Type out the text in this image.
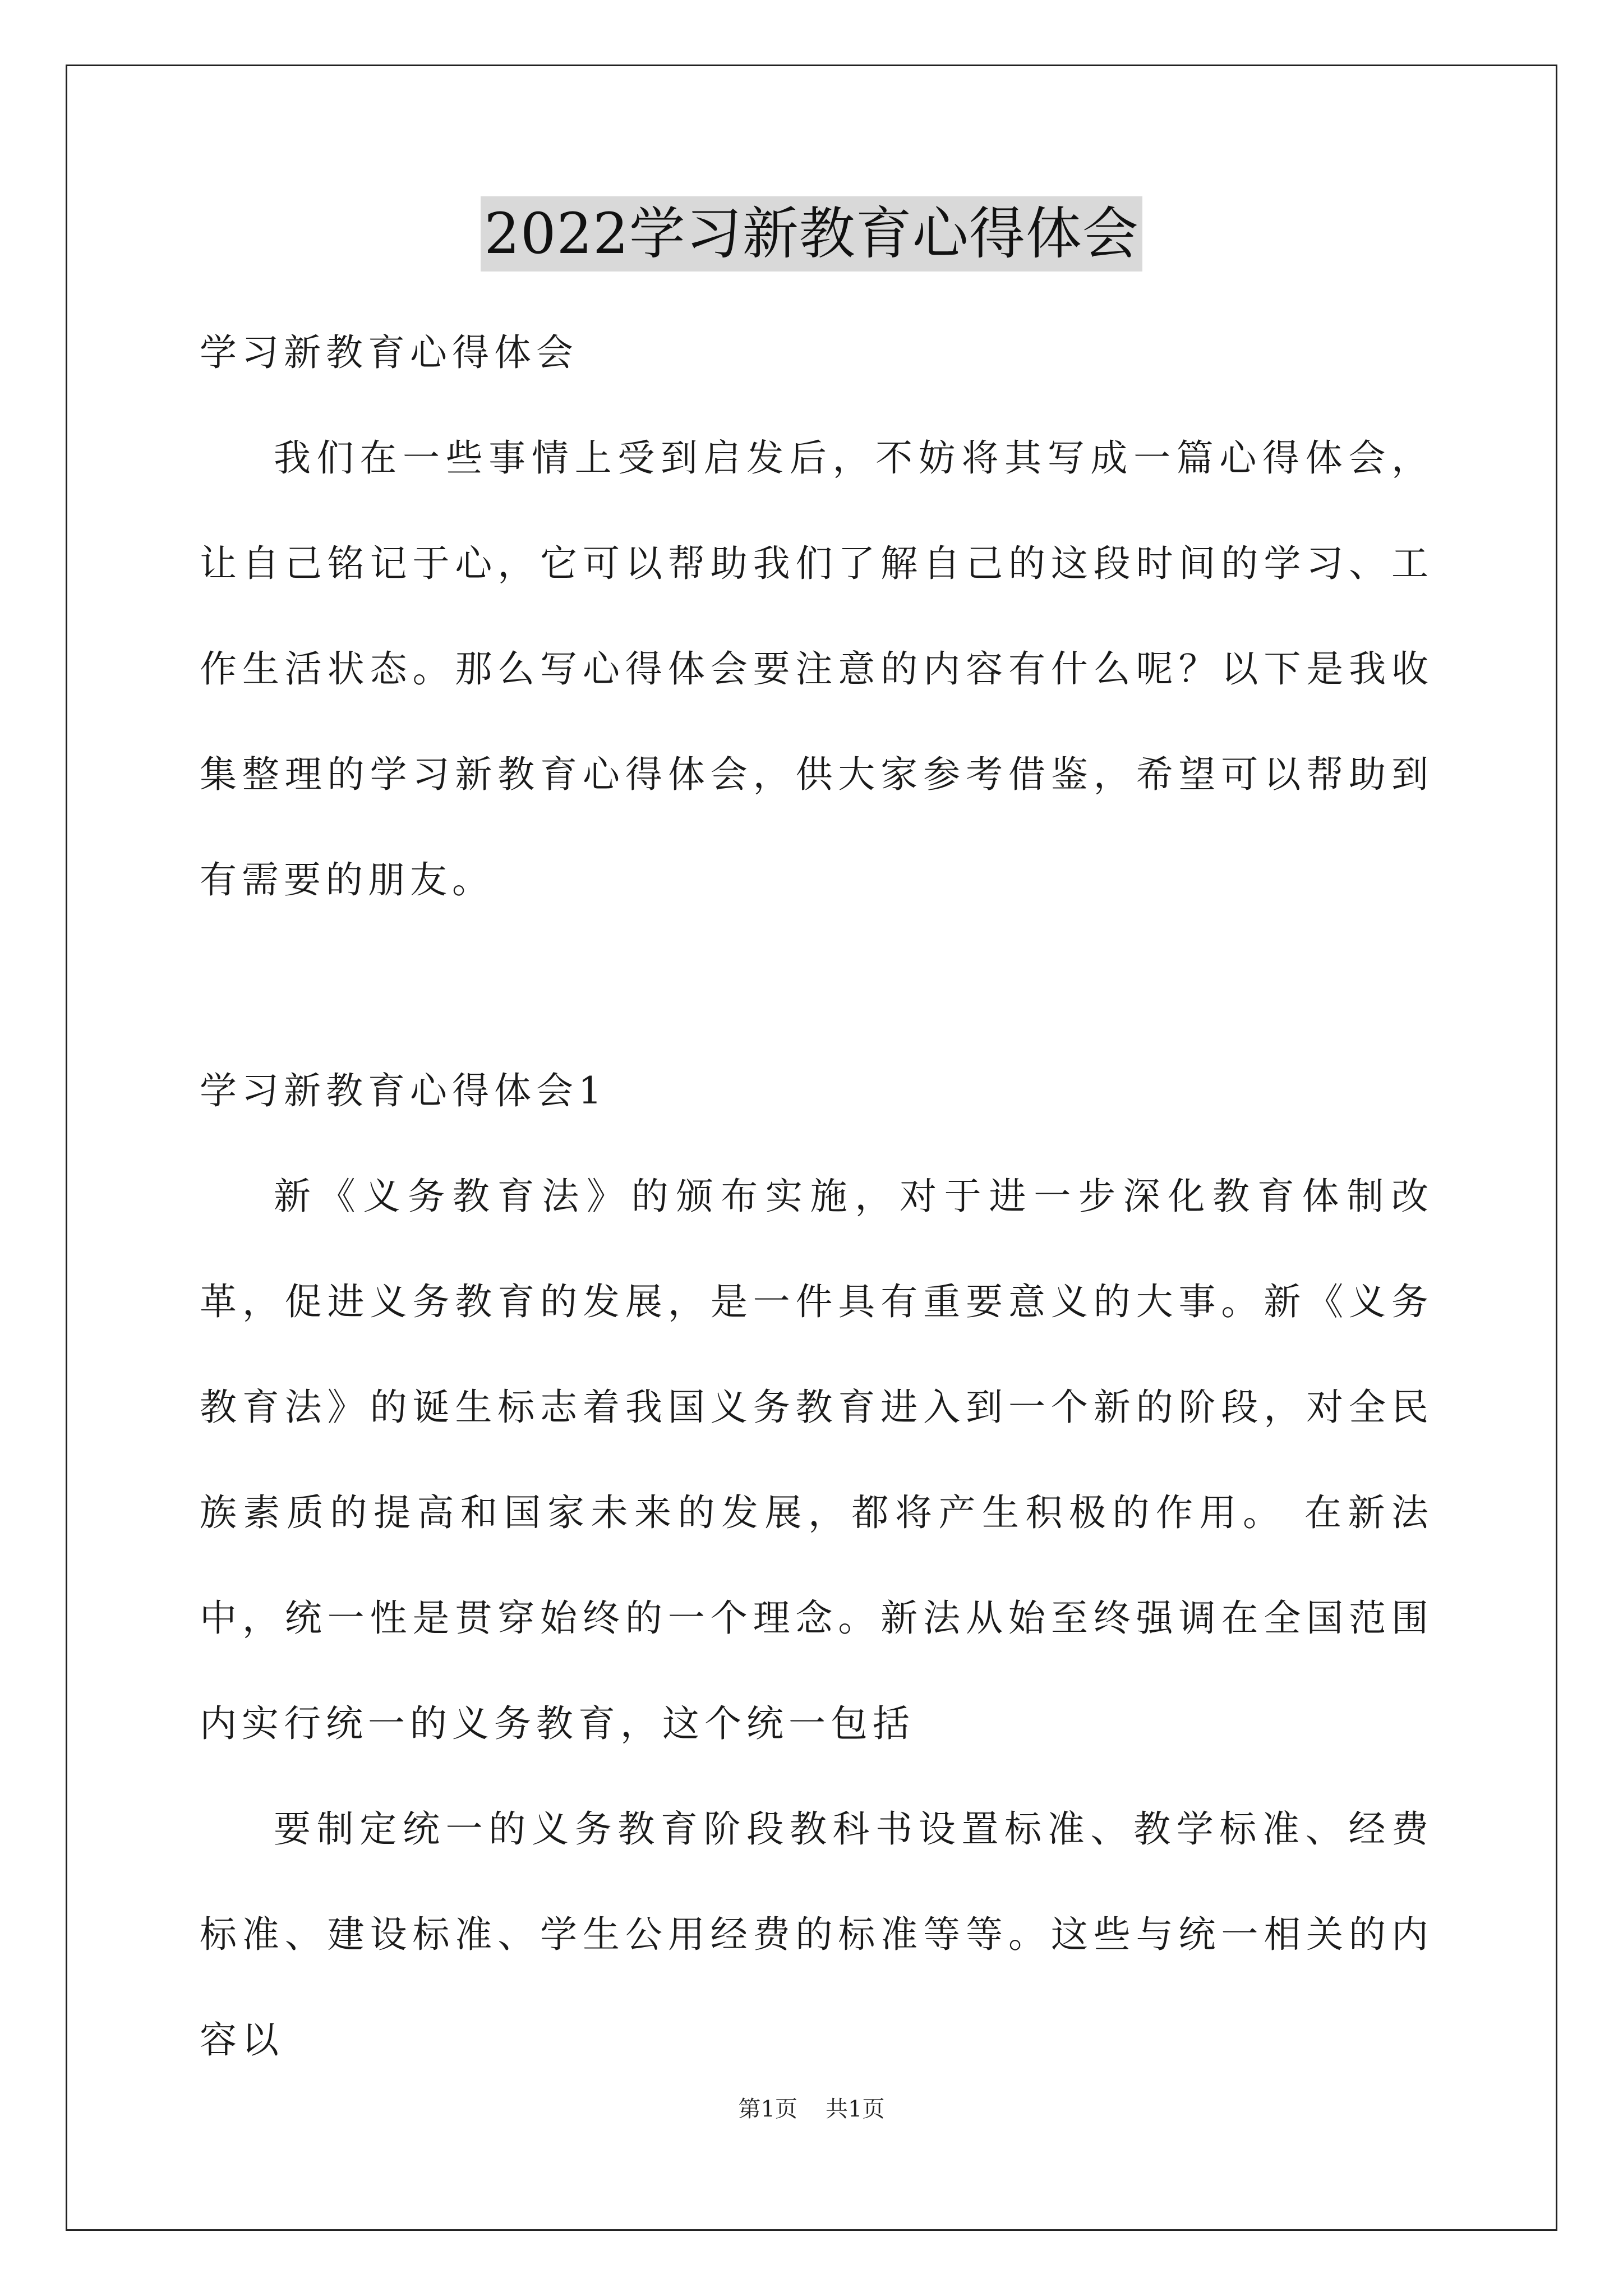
2022学习新教育心得体会

学习新教育心得体会

我们在一些事情上受到启发后，不妨将其写成一篇心得体会，让自己铭记于心，它可以帮助我们了解自己的这段时间的学习、工作生活状态。那么写心得体会要注意的内容有什么呢？以下是我收集整理的学习新教育心得体会，供大家参考借鉴，希望可以帮助到有需要的朋友。

学习新教育心得体会1

新《义务教育法》的颁布实施，对于进一步深化教育体制改革，促进义务教育的发展，是一件具有重要意义的大事。新《义务教育法》的诞生标志着我国义务教育进入到一个新的阶段，对全民族素质的提高和国家未来的发展，都将产生积极的作用。 在新法中，统一性是贯穿始终的一个理念。新法从始至终强调在全国范围内实行统一的义务教育，这个统一包括

要制定统一的义务教育阶段教科书设置标准、教学标准、经费标准、建设标准、学生公用经费的标准等等。这些与统一相关的内容以

第1页 共1页
